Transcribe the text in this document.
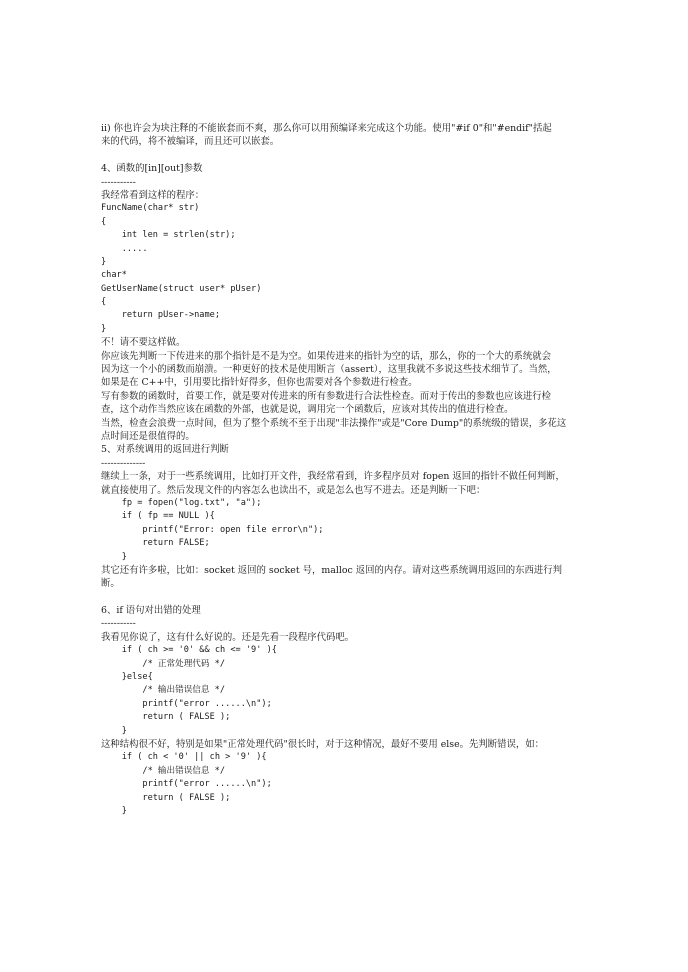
ii) 你也许会为块注释的不能嵌套而不爽，那么你可以用预编译来完成这个功能。使用"#if 0"和"#endif"括起
来的代码，将不被编译，而且还可以嵌套。
4、函数的[in][out]参数
-----------
我经常看到这样的程序：
FuncName(char* str)
{
int len = strlen(str);
.....
}
char*
GetUserName(struct user* pUser)
{
return pUser->name;
}
不！请不要这样做。
你应该先判断一下传进来的那个指针是不是为空。如果传进来的指针为空的话，那么，你的一个大的系统就会
因为这一个小的函数而崩溃。一种更好的技术是使用断言（assert），这里我就不多说这些技术细节了。当然，
如果是在 C++中，引用要比指针好得多，但你也需要对各个参数进行检查。
写有参数的函数时，首要工作，就是要对传进来的所有参数进行合法性检查。而对于传出的参数也应该进行检
查，这个动作当然应该在函数的外部，也就是说，调用完一个函数后，应该对其传出的值进行检查。
当然，检查会浪费一点时间，但为了整个系统不至于出现"非法操作"或是"Core Dump"的系统级的错误，多花这
点时间还是很值得的。
5、对系统调用的返回进行判断
--------------
继续上一条，对于一些系统调用，比如打开文件，我经常看到，许多程序员对 fopen 返回的指针不做任何判断，
就直接使用了。然后发现文件的内容怎么也读出不，或是怎么也写不进去。还是判断一下吧：
fp = fopen("log.txt", "a");
if ( fp == NULL ){
printf("Error: open file error\n");
return FALSE;
}
其它还有许多啦，比如：socket 返回的 socket 号，malloc 返回的内存。请对这些系统调用返回的东西进行判
断。
6、if 语句对出错的处理
-----------
我看见你说了，这有什么好说的。还是先看一段程序代码吧。
if ( ch >= '0' && ch <= '9' ){
/* 正常处理代码 */
}else{
/* 输出错误信息 */
printf("error ......\n");
return ( FALSE );
}
这种结构很不好，特别是如果"正常处理代码"很长时，对于这种情况，最好不要用 else。先判断错误，如：
if ( ch < '0' || ch > '9' ){
/* 输出错误信息 */
printf("error ......\n");
return ( FALSE );
}
